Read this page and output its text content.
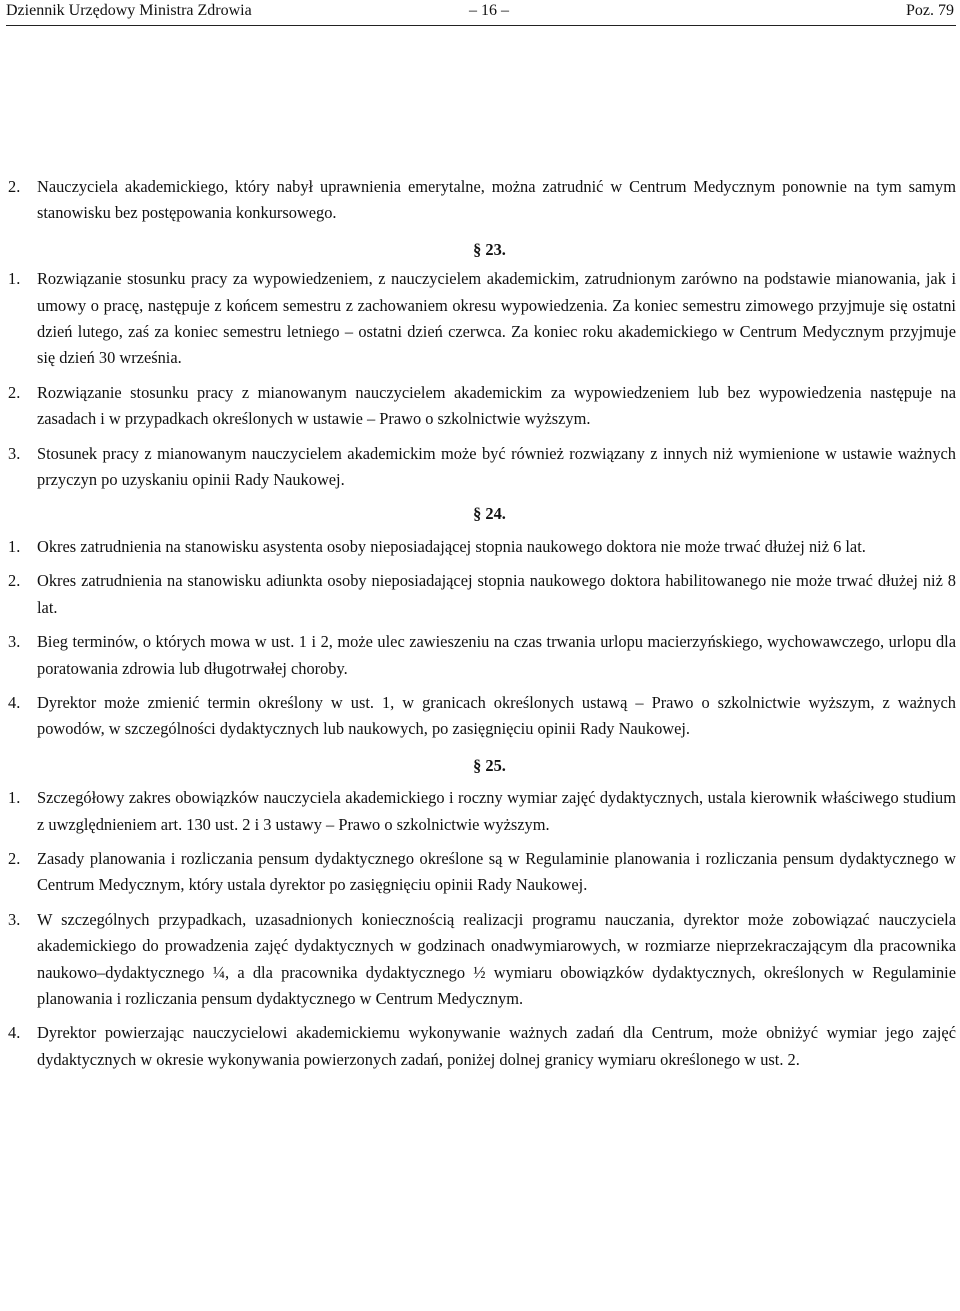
Dziennik Urzędowy Ministra Zdrowia	– 16 –	Poz. 79
2. Nauczyciela akademickiego, który nabył uprawnienia emerytalne, można zatrudnić w Centrum Medycznym ponownie na tym samym stanowisku bez postępowania konkursowego.
§ 23.
1. Rozwiązanie stosunku pracy za wypowiedzeniem, z nauczycielem akademickim, zatrudnionym zarówno na podstawie mianowania, jak i umowy o pracę, następuje z końcem semestru z zachowaniem okresu wypowiedzenia. Za koniec semestru zimowego przyjmuje się ostatni dzień lutego, zaś za koniec semestru letniego – ostatni dzień czerwca. Za koniec roku akademickiego w Centrum Medycznym przyjmuje się dzień 30 września.
2. Rozwiązanie stosunku pracy z mianowanym nauczycielem akademickim za wypowiedzeniem lub bez wypowiedzenia następuje na zasadach i w przypadkach określonych w ustawie – Prawo o szkolnictwie wyższym.
3. Stosunek pracy z mianowanym nauczycielem akademickim może być również rozwiązany z innych niż wymienione w ustawie ważnych przyczyn po uzyskaniu opinii Rady Naukowej.
§ 24.
1. Okres zatrudnienia na stanowisku asystenta osoby nieposiadającej stopnia naukowego doktora nie może trwać dłużej niż 6 lat.
2. Okres zatrudnienia na stanowisku adiunkta osoby nieposiadającej stopnia naukowego doktora habilitowanego nie może trwać dłużej niż 8 lat.
3. Bieg terminów, o których mowa w ust. 1 i 2, może ulec zawieszeniu na czas trwania urlopu macierzyńskiego, wychowawczego, urlopu dla poratowania zdrowia lub długotrwałej choroby.
4. Dyrektor może zmienić termin określony w ust. 1, w granicach określonych ustawą – Prawo o szkolnictwie wyższym, z ważnych powodów, w szczególności dydaktycznych lub naukowych, po zasięgnięciu opinii Rady Naukowej.
§ 25.
1. Szczegółowy zakres obowiązków nauczyciela akademickiego i roczny wymiar zajęć dydaktycznych, ustala kierownik właściwego studium z uwzględnieniem art. 130 ust. 2 i 3 ustawy – Prawo o szkolnictwie wyższym.
2. Zasady planowania i rozliczania pensum dydaktycznego określone są w Regulaminie planowania i rozliczania pensum dydaktycznego w Centrum Medycznym, który ustala dyrektor po zasięgnięciu opinii Rady Naukowej.
3. W szczególnych przypadkach, uzasadnionych koniecznością realizacji programu nauczania, dyrektor może zobowiązać nauczyciela akademickiego do prowadzenia zajęć dydaktycznych w godzinach onadwymiarowych, w rozmiarze nieprzekraczającym dla pracownika naukowo–dydaktycznego ¼, a dla pracownika dydaktycznego ½ wymiaru obowiązków dydaktycznych, określonych w Regulaminie planowania i rozliczania pensum dydaktycznego w Centrum Medycznym.
4. Dyrektor powierzając nauczycielowi akademickiemu wykonywanie ważnych zadań dla Centrum, może obniżyć wymiar jego zajęć dydaktycznych w okresie wykonywania powierzonych zadań, poniżej dolnej granicy wymiaru określonego w ust. 2.
